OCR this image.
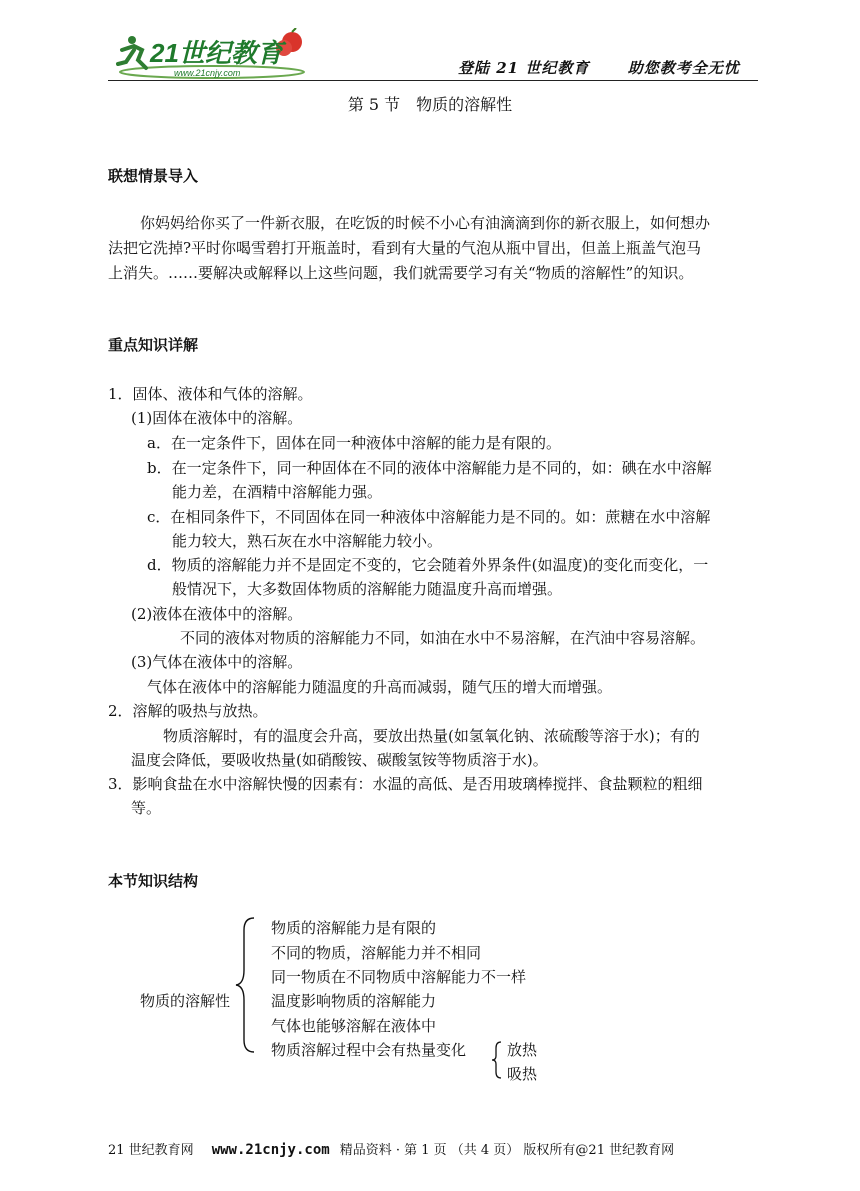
21世纪教育
www.21cnjy.com	登陆 21 世纪教育	助您教考全无忧
第 5 节　物质的溶解性
联想情景导入
你妈妈给你买了一件新衣服，在吃饭的时候不小心有油滴滴到你的新衣服上，如何想办
法把它洗掉?平时你喝雪碧打开瓶盖时，看到有大量的气泡从瓶中冒出，但盖上瓶盖气泡马
上消失。……要解决或解释以上这些问题，我们就需要学习有关“物质的溶解性”的知识。
重点知识详解
1．固体、液体和气体的溶解。
(1)固体在液体中的溶解。
a．在一定条件下，固体在同一种液体中溶解的能力是有限的。
b．在一定条件下，同一种固体在不同的液体中溶解能力是不同的，如：碘在水中溶解
能力差，在酒精中溶解能力强。
c．在相同条件下，不同固体在同一种液体中溶解能力是不同的。如：蔗糖在水中溶解
能力较大，熟石灰在水中溶解能力较小。
d．物质的溶解能力并不是固定不变的，它会随着外界条件(如温度)的变化而变化，一
般情况下，大多数固体物质的溶解能力随温度升高而增强。
(2)液体在液体中的溶解。
不同的液体对物质的溶解能力不同，如油在水中不易溶解，在汽油中容易溶解。
(3)气体在液体中的溶解。
气体在液体中的溶解能力随温度的升高而减弱，随气压的增大而增强。
2．溶解的吸热与放热。
物质溶解时，有的温度会升高，要放出热量(如氢氧化钠、浓硫酸等溶于水)；有的
温度会降低，要吸收热量(如硝酸铵、碳酸氢铵等物质溶于水)。
3．影响食盐在水中溶解快慢的因素有：水温的高低、是否用玻璃棒搅拌、食盐颗粒的粗细
等。
本节知识结构
物质的溶解性
物质的溶解能力是有限的
不同的物质，溶解能力并不相同
同一物质在不同物质中溶解能力不一样
温度影响物质的溶解能力
气体也能够溶解在液体中
物质溶解过程中会有热量变化	放热
吸热
21 世纪教育网 www.21cnjy.com 精品资料 · 第 1 页 （共 4 页） 版权所有@21 世纪教育网
